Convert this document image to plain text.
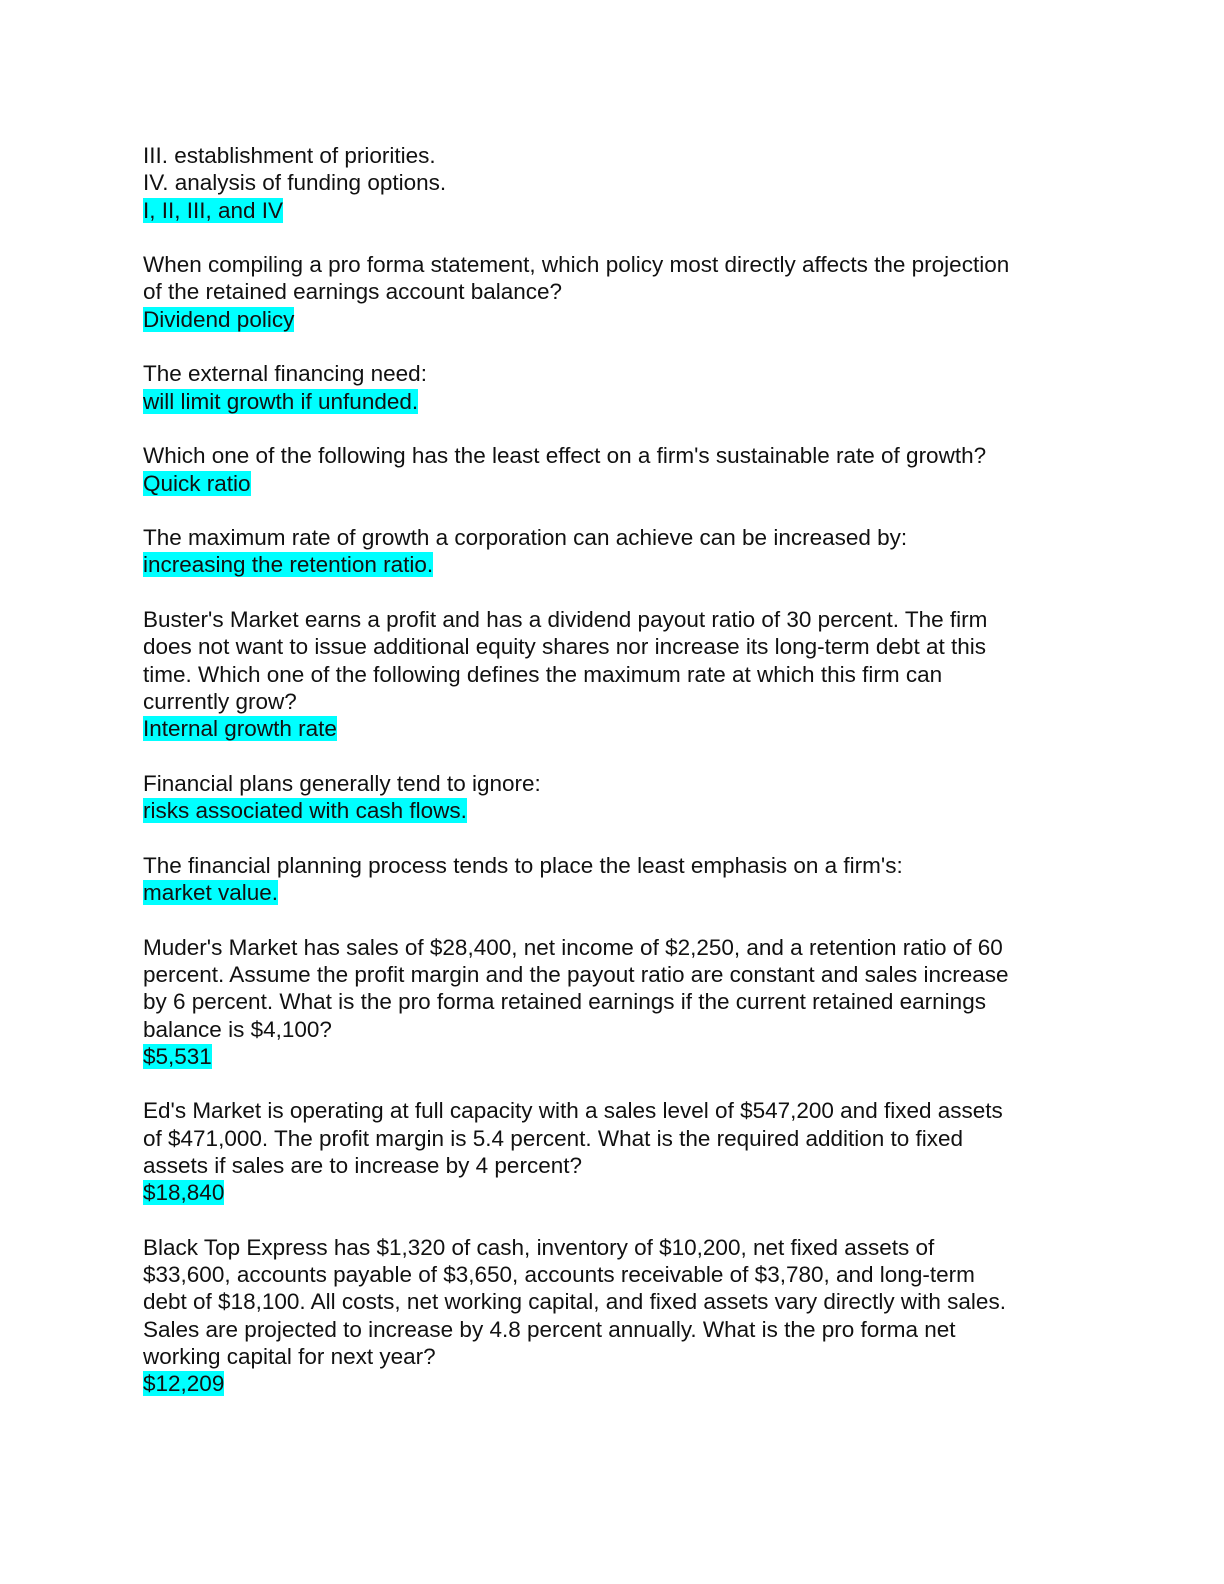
III. establishment of priorities.
IV. analysis of funding options.
I, II, III, and IV
When compiling a pro forma statement, which policy most directly affects the projection
of the retained earnings account balance?
Dividend policy
The external financing need:
will limit growth if unfunded.
Which one of the following has the least effect on a firm's sustainable rate of growth?
Quick ratio
The maximum rate of growth a corporation can achieve can be increased by:
increasing the retention ratio.
Buster's Market earns a profit and has a dividend payout ratio of 30 percent. The firm
does not want to issue additional equity shares nor increase its long-term debt at this
time. Which one of the following defines the maximum rate at which this firm can
currently grow?
Internal growth rate
Financial plans generally tend to ignore:
risks associated with cash flows.
The financial planning process tends to place the least emphasis on a firm's:
market value.
Muder's Market has sales of $28,400, net income of $2,250, and a retention ratio of 60
percent. Assume the profit margin and the payout ratio are constant and sales increase
by 6 percent. What is the pro forma retained earnings if the current retained earnings
balance is $4,100?
$5,531
Ed's Market is operating at full capacity with a sales level of $547,200 and fixed assets
of $471,000. The profit margin is 5.4 percent. What is the required addition to fixed
assets if sales are to increase by 4 percent?
$18,840
Black Top Express has $1,320 of cash, inventory of $10,200, net fixed assets of
$33,600, accounts payable of $3,650, accounts receivable of $3,780, and long-term
debt of $18,100. All costs, net working capital, and fixed assets vary directly with sales.
Sales are projected to increase by 4.8 percent annually. What is the pro forma net
working capital for next year?
$12,209
